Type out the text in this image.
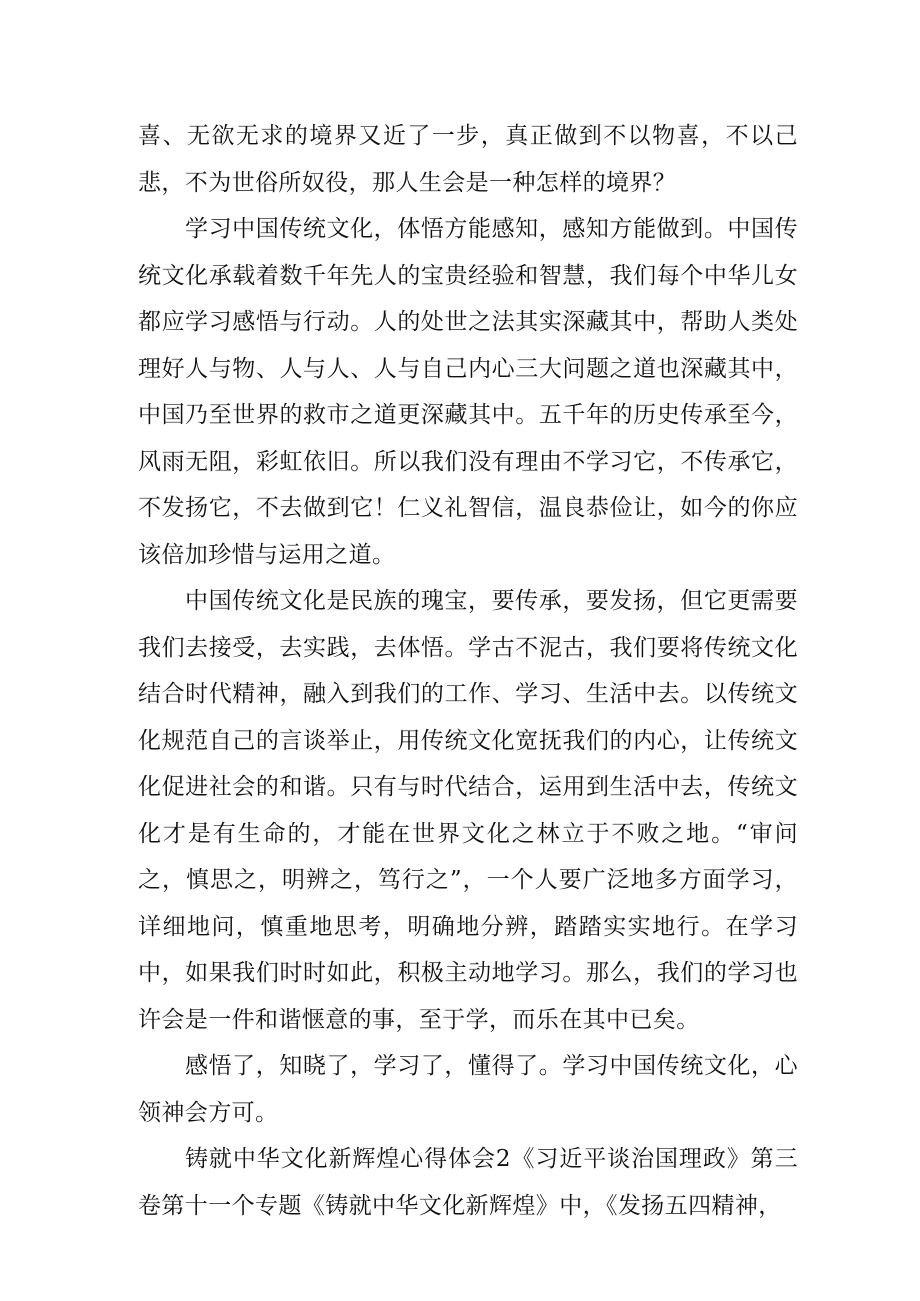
喜、无欲无求的境界又近了一步，真正做到不以物喜，不以己悲，不为世俗所奴役，那人生会是一种怎样的境界？

学习中国传统文化，体悟方能感知，感知方能做到。中国传统文化承载着数千年先人的宝贵经验和智慧，我们每个中华儿女都应学习感悟与行动。人的处世之法其实深藏其中，帮助人类处理好人与物、人与人、人与自己内心三大问题之道也深藏其中，中国乃至世界的救市之道更深藏其中。五千年的历史传承至今，风雨无阻，彩虹依旧。所以我们没有理由不学习它，不传承它，不发扬它，不去做到它！仁义礼智信，温良恭俭让，如今的你应该倍加珍惜与运用之道。

中国传统文化是民族的瑰宝，要传承，要发扬，但它更需要我们去接受，去实践，去体悟。学古不泥古，我们要将传统文化结合时代精神，融入到我们的工作、学习、生活中去。以传统文化规范自己的言谈举止，用传统文化宽抚我们的内心，让传统文化促进社会的和谐。只有与时代结合，运用到生活中去，传统文化才是有生命的，才能在世界文化之林立于不败之地。“审问之，慎思之，明辨之，笃行之”，一个人要广泛地多方面学习，详细地问，慎重地思考，明确地分辨，踏踏实实地行。在学习中，如果我们时时如此，积极主动地学习。那么，我们的学习也许会是一件和谐惬意的事，至于学，而乐在其中已矣。

感悟了，知晓了，学习了，懂得了。学习中国传统文化，心领神会方可。

铸就中华文化新辉煌心得体会2《习近平谈治国理政》第三卷第十一个专题《铸就中华文化新辉煌》中，《发扬五四精神，
